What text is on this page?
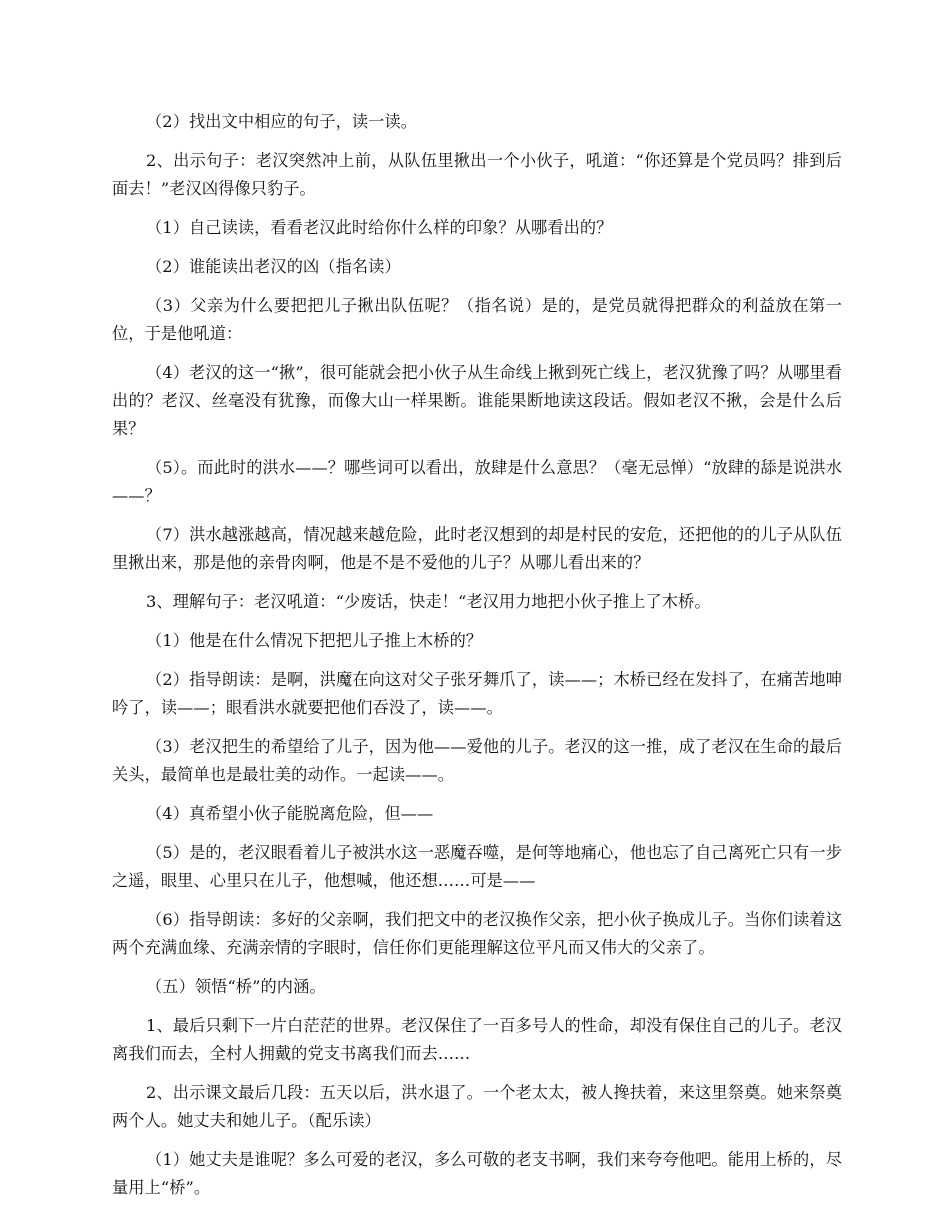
（2）找出文中相应的句子，读一读。

2、出示句子：老汉突然冲上前，从队伍里揪出一个小伙子，吼道：“你还算是个党员吗？排到后面去！”老汉凶得像只豹子。

（1）自己读读，看看老汉此时给你什么样的印象？从哪看出的？

（2）谁能读出老汉的凶（指名读）

（3）父亲为什么要把把儿子揪出队伍呢？（指名说）是的，是党员就得把群众的利益放在第一位，于是他吼道：

（4）老汉的这一“揪”，很可能就会把小伙子从生命线上揪到死亡线上，老汉犹豫了吗？从哪里看出的？老汉、丝毫没有犹豫，而像大山一样果断。谁能果断地读这段话。假如老汉不揪，会是什么后果？

（5）。而此时的洪水——？哪些词可以看出，放肆是什么意思？（毫无忌惮）“放肆的舔是说洪水——？

（7）洪水越涨越高，情况越来越危险，此时老汉想到的却是村民的安危，还把他的的儿子从队伍里揪出来，那是他的亲骨肉啊，他是不是不爱他的儿子？从哪儿看出来的？

3、理解句子：老汉吼道：“少废话，快走！“老汉用力地把小伙子推上了木桥。

（1）他是在什么情况下把把儿子推上木桥的？

（2）指导朗读：是啊，洪魔在向这对父子张牙舞爪了，读——；木桥已经在发抖了，在痛苦地呻吟了，读——；眼看洪水就要把他们吞没了，读——。

（3）老汉把生的希望给了儿子，因为他——爱他的儿子。老汉的这一推，成了老汉在生命的最后关头，最简单也是最壮美的动作。一起读——。

（4）真希望小伙子能脱离危险，但——

（5）是的，老汉眼看着儿子被洪水这一恶魔吞噬，是何等地痛心，他也忘了自己离死亡只有一步之遥，眼里、心里只在儿子，他想喊，他还想……可是——

（6）指导朗读：多好的父亲啊，我们把文中的老汉换作父亲，把小伙子换成儿子。当你们读着这两个充满血缘、充满亲情的字眼时，信任你们更能理解这位平凡而又伟大的父亲了。

（五）领悟“桥”的内涵。

1、最后只剩下一片白茫茫的世界。老汉保住了一百多号人的性命，却没有保住自己的儿子。老汉离我们而去，全村人拥戴的党支书离我们而去……

2、出示课文最后几段：五天以后，洪水退了。一个老太太，被人搀扶着，来这里祭奠。她来祭奠两个人。她丈夫和她儿子。（配乐读）

（1）她丈夫是谁呢？多么可爱的老汉，多么可敬的老支书啊，我们来夸夸他吧。能用上桥的，尽量用上“桥”。
